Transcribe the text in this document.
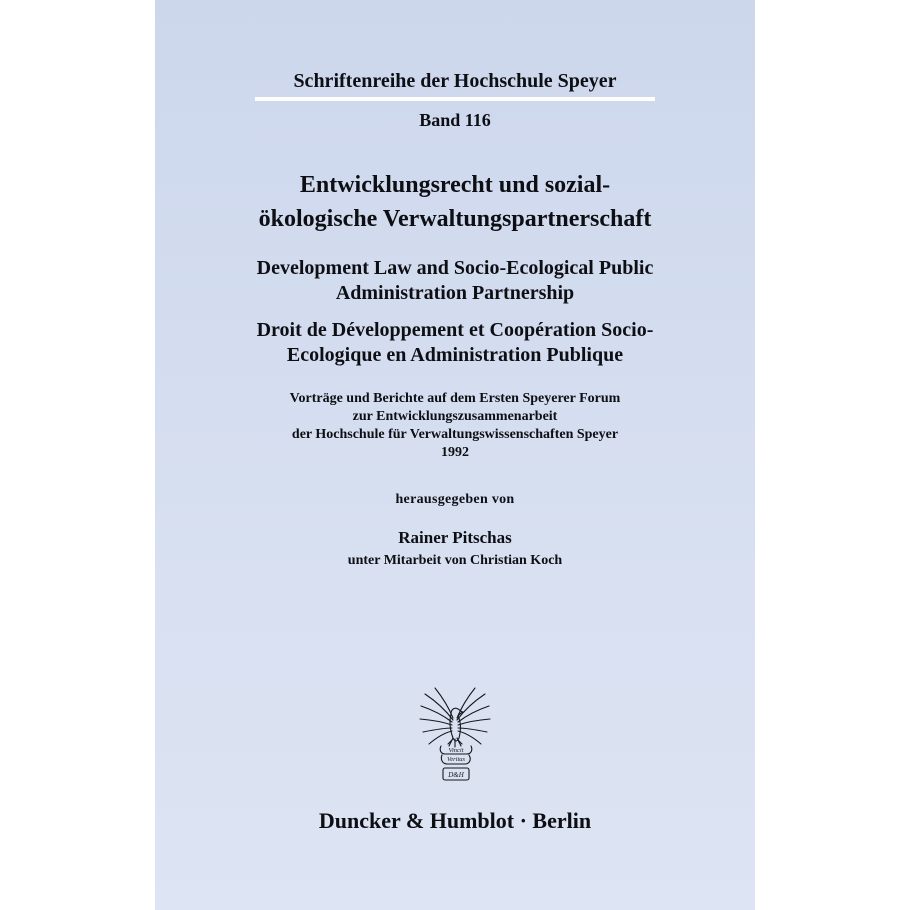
Schriftenreihe der Hochschule Speyer
Band 116
Entwicklungsrecht und sozial-
ökologische Verwaltungspartnerschaft
Development Law and Socio-Ecological Public
Administration Partnership
Droit de Développement et Coopération Socio-
Ecologique en Administration Publique
Vorträge und Berichte auf dem Ersten Speyerer Forum
zur Entwicklungszusammenarbeit
der Hochschule für Verwaltungswissenschaften Speyer
1992
herausgegeben von
Rainer Pitschas
unter Mitarbeit von Christian Koch
Vincit
Veritas
D&H
Duncker & Humblot · Berlin
